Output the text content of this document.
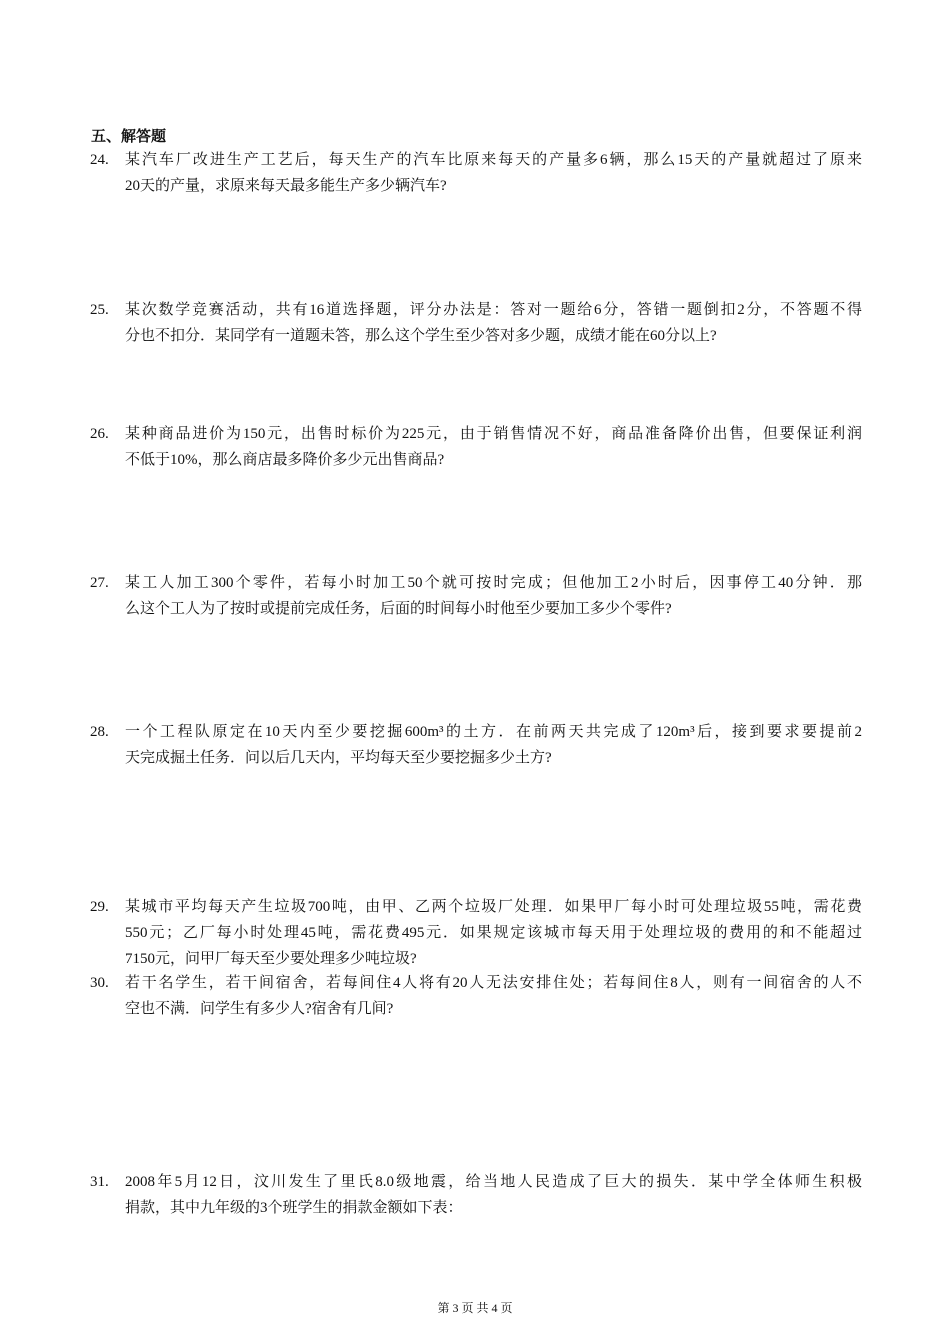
五、解答题
24.	某汽车厂改进生产工艺后，每天生产的汽车比原来每天的产量多6辆，那么15天的产量就超过了原来
20天的产量，求原来每天最多能生产多少辆汽车?
25.	某次数学竞赛活动，共有16道选择题，评分办法是：答对一题给6分，答错一题倒扣2分，不答题不得
分也不扣分．某同学有一道题未答，那么这个学生至少答对多少题，成绩才能在60分以上?
26.	某种商品进价为150元，出售时标价为225元，由于销售情况不好，商品准备降价出售，但要保证利润
不低于10%，那么商店最多降价多少元出售商品?
27.	某工人加工300个零件，若每小时加工50个就可按时完成；但他加工2小时后，因事停工40分钟．那
么这个工人为了按时或提前完成任务，后面的时间每小时他至少要加工多少个零件?
28.	一个工程队原定在10天内至少要挖掘600m³的土方．在前两天共完成了120m³后，接到要求要提前2
天完成掘土任务．问以后几天内，平均每天至少要挖掘多少土方?
29.	某城市平均每天产生垃圾700吨，由甲、乙两个垃圾厂处理．如果甲厂每小时可处理垃圾55吨，需花费
550元；乙厂每小时处理45吨，需花费495元．如果规定该城市每天用于处理垃圾的费用的和不能超过
7150元，问甲厂每天至少要处理多少吨垃圾?
30.	若干名学生，若干间宿舍，若每间住4人将有20人无法安排住处；若每间住8人，则有一间宿舍的人不
空也不满．问学生有多少人?宿舍有几间?
31.	2008年5月12日，汶川发生了里氏8.0级地震，给当地人民造成了巨大的损失．某中学全体师生积极
捐款，其中九年级的3个班学生的捐款金额如下表：
第 3 页 共 4 页
